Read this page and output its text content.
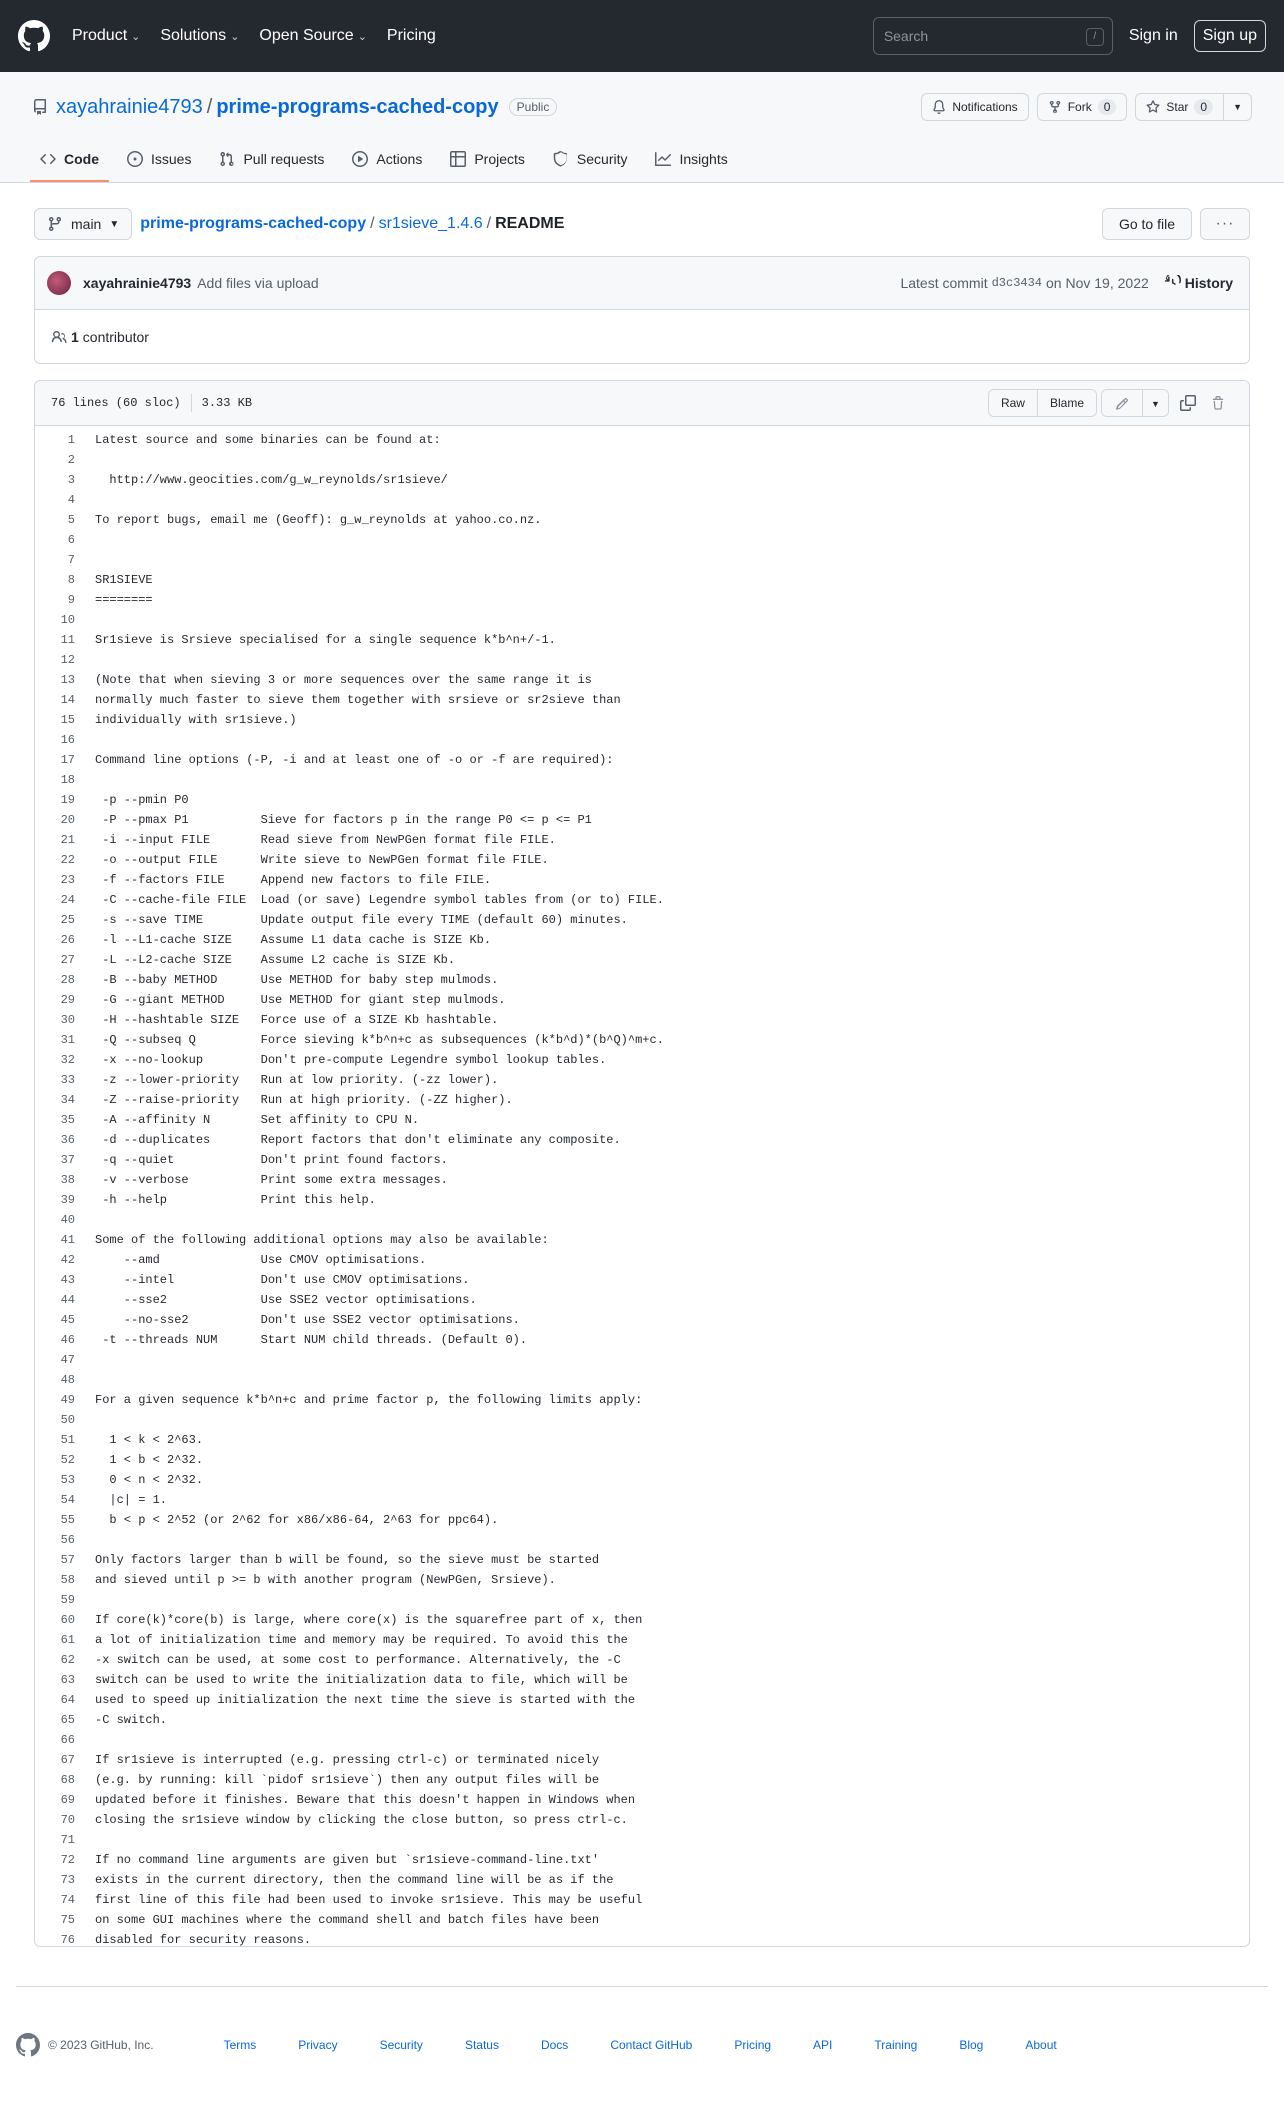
Product ⌄ Solutions ⌄ Open Source ⌄ Pricing	Search	/	Sign in	Sign up
xayahrainie4793 / prime-programs-cached-copy	Public	Notifications	Fork	0	Star	0	▼
Code	Issues	Pull requests	Actions	Projects	Security	Insights
main ▼ prime-programs-cached-copy / sr1sieve_1.4.6 / README	Go to file	···
xayahrainie4793 Add files via upload	Latest commit d3c3434 on Nov 19, 2022	History
1 contributor
76 lines (60 sloc) 3.33 KB	Raw	Blame	▼
1	Latest source and some binaries can be found at:
2
3	http://www.geocities.com/g_w_reynolds/sr1sieve/
4
5	To report bugs, email me (Geoff): g_w_reynolds at yahoo.co.nz.
6
7
8	SR1SIEVE
9	========
10
11	Sr1sieve is Srsieve specialised for a single sequence k*b^n+/-1.
12
13	(Note that when sieving 3 or more sequences over the same range it is
14	normally much faster to sieve them together with srsieve or sr2sieve than
15	individually with sr1sieve.)
16
17	Command line options (-P, -i and at least one of -o or -f are required):
18
19	-p --pmin P0
20	-P --pmax P1          Sieve for factors p in the range P0 <= p <= P1
21	-i --input FILE       Read sieve from NewPGen format file FILE.
22	-o --output FILE      Write sieve to NewPGen format file FILE.
23	-f --factors FILE     Append new factors to file FILE.
24	-C --cache-file FILE  Load (or save) Legendre symbol tables from (or to) FILE.
25	-s --save TIME        Update output file every TIME (default 60) minutes.
26	-l --L1-cache SIZE    Assume L1 data cache is SIZE Kb.
27	-L --L2-cache SIZE    Assume L2 cache is SIZE Kb.
28	-B --baby METHOD      Use METHOD for baby step mulmods.
29	-G --giant METHOD     Use METHOD for giant step mulmods.
30	-H --hashtable SIZE   Force use of a SIZE Kb hashtable.
31	-Q --subseq Q         Force sieving k*b^n+c as subsequences (k*b^d)*(b^Q)^m+c.
32	-x --no-lookup        Don't pre-compute Legendre symbol lookup tables.
33	-z --lower-priority   Run at low priority. (-zz lower).
34	-Z --raise-priority   Run at high priority. (-ZZ higher).
35	-A --affinity N       Set affinity to CPU N.
36	-d --duplicates       Report factors that don't eliminate any composite.
37	-q --quiet            Don't print found factors.
38	-v --verbose          Print some extra messages.
39	-h --help             Print this help.
40
41	Some of the following additional options may also be available:
42	--amd              Use CMOV optimisations.
43	--intel            Don't use CMOV optimisations.
44	--sse2             Use SSE2 vector optimisations.
45	--no-sse2          Don't use SSE2 vector optimisations.
46	-t --threads NUM      Start NUM child threads. (Default 0).
47
48
49	For a given sequence k*b^n+c and prime factor p, the following limits apply:
50
51	1 < k < 2^63.
52	1 < b < 2^32.
53	0 < n < 2^32.
54	|c| = 1.
55	b < p < 2^52 (or 2^62 for x86/x86-64, 2^63 for ppc64).
56
57	Only factors larger than b will be found, so the sieve must be started
58	and sieved until p >= b with another program (NewPGen, Srsieve).
59
60	If core(k)*core(b) is large, where core(x) is the squarefree part of x, then
61	a lot of initialization time and memory may be required. To avoid this the
62	-x switch can be used, at some cost to performance. Alternatively, the -C
63	switch can be used to write the initialization data to file, which will be
64	used to speed up initialization the next time the sieve is started with the
65	-C switch.
66
67	If sr1sieve is interrupted (e.g. pressing ctrl-c) or terminated nicely
68	(e.g. by running: kill `pidof sr1sieve`) then any output files will be
69	updated before it finishes. Beware that this doesn't happen in Windows when
70	closing the sr1sieve window by clicking the close button, so press ctrl-c.
71
72	If no command line arguments are given but `sr1sieve-command-line.txt'
73	exists in the current directory, then the command line will be as if the
74	first line of this file had been used to invoke sr1sieve. This may be useful
75	on some GUI machines where the command shell and batch files have been
76	disabled for security reasons.
© 2023 GitHub, Inc.	Terms	Privacy	Security	Status	Docs	Contact GitHub	Pricing	API	Training	Blog	About
